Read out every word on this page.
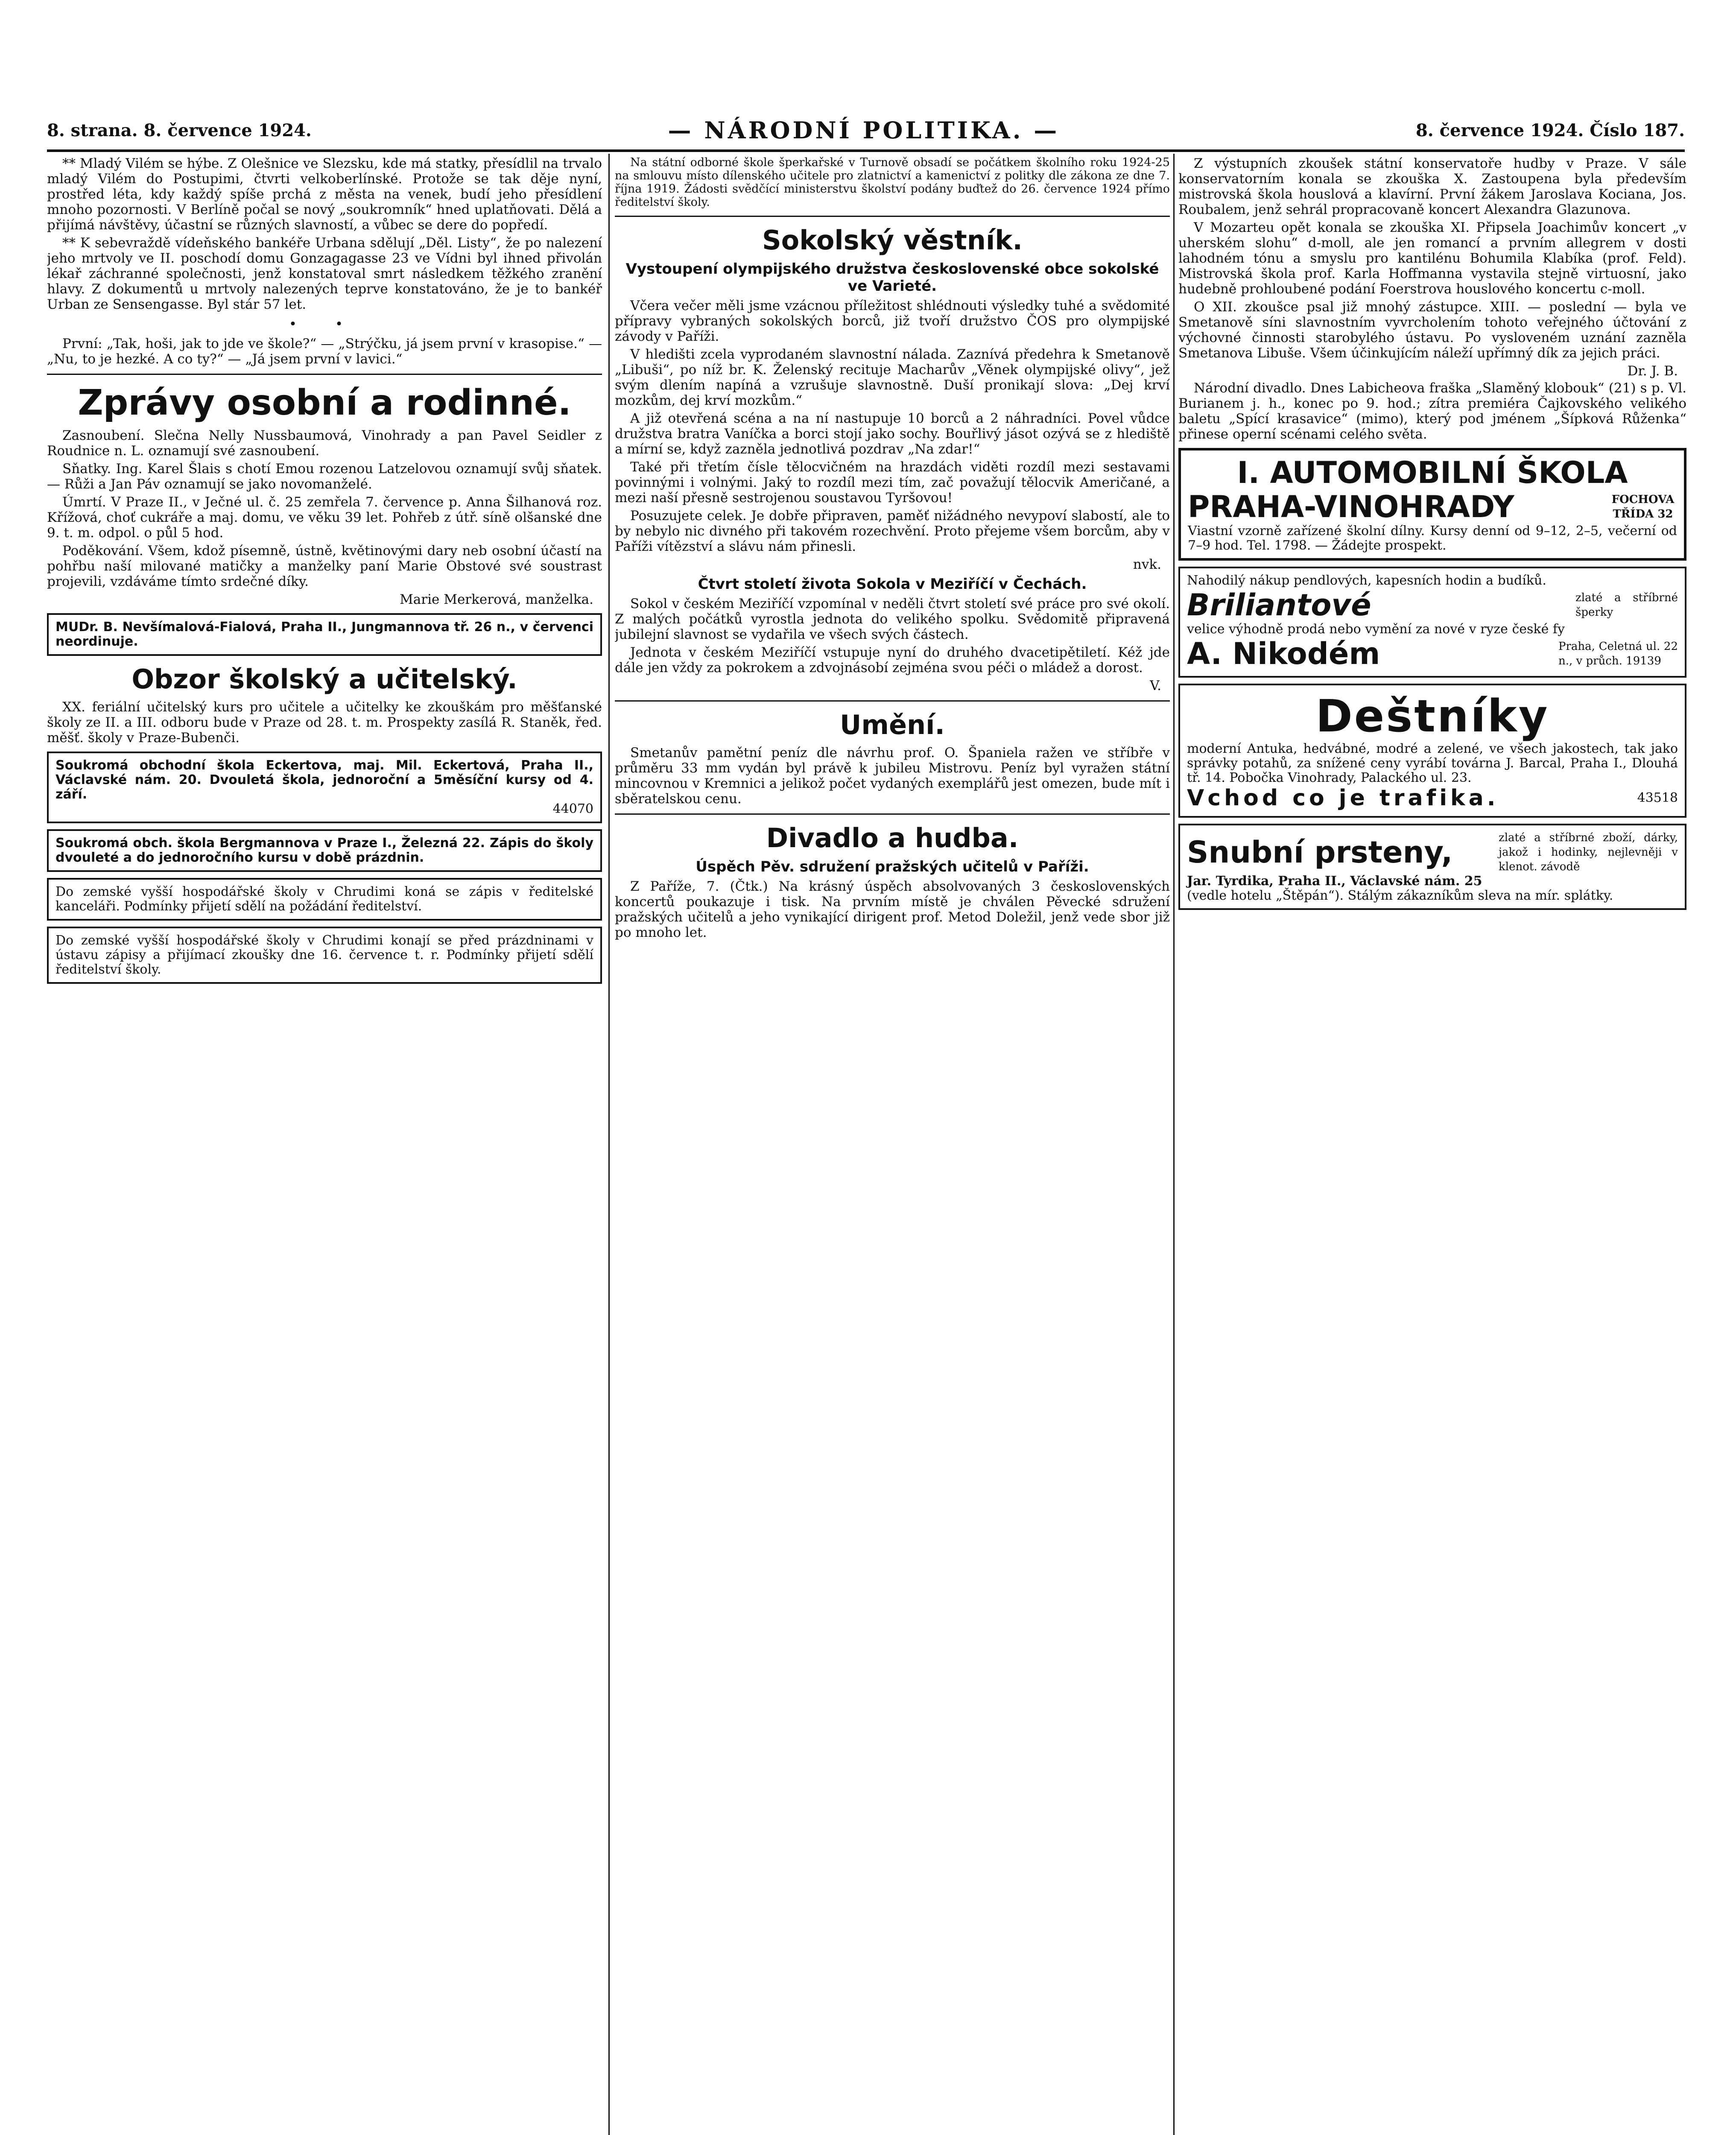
8. strana. 8. července 1924.	— NÁRODNÍ POLITIKA. —	8. července 1924. Číslo 187.

** Mladý Vilém se hýbe. Z Olešnice ve Slezsku, kde má statky, přesídlil na trvalo mladý Vilém do Postupimi, čtvrti velkoberlínské. Protože se tak děje nyní, prostřed léta, kdy každý spíše prchá z města na venek, budí jeho přesídlení mnoho pozornosti. V Berlíně počal se nový „soukromník“ hned uplatňovati. Dělá a přijímá návštěvy, účastní se různých slavností, a vůbec se dere do popředí.

** K sebevraždě vídeňského bankéře Urbana sdělují „Děl. Listy“, že po nalezení jeho mrtvoly ve II. poschodí domu Gonzagagasse 23 ve Vídni byl ihned přivolán lékař záchranné společnosti, jenž konstatoval smrt následkem těžkého zranění hlavy. Z dokumentů u mrtvoly nalezených teprve konstatováno, že je to bankéř Urban ze Sensengasse. Byl stár 57 let.

• •

První: „Tak, hoši, jak to jde ve škole?“ — „Strýčku, já jsem první v krasopise.“ — „Nu, to je hezké. A co ty?“ — „Já jsem první v lavici.“

Zprávy osobní a rodinné.

Zasnoubení. Slečna Nelly Nussbaumová, Vinohrady a pan Pavel Seidler z Roudnice n. L. oznamují své zasnoubení.

Sňatky. Ing. Karel Šlais s chotí Emou rozenou Latzelovou oznamují svůj sňatek. — Růži a Jan Páv oznamují se jako novomanželé.

Úmrtí. V Praze II., v Ječné ul. č. 25 zemřela 7. července p. Anna Šilhanová roz. Křížová, choť cukráře a maj. domu, ve věku 39 let. Pohřeb z útř. síně olšanské dne 9. t. m. odpol. o půl 5 hod.

Poděkování. Všem, kdož písemně, ústně, květinovými dary neb osobní účastí na pohřbu naší milované matičky a manželky paní Marie Obstové své soustrast projevili, vzdáváme tímto srdečné díky.

Marie Merkerová, manželka.
MUDr. B. Nevšímalová-Fialová, Praha II., Jungmannova tř. 26 n., v červenci neordinuje.
Obzor školský a učitelský.

XX. feriální učitelský kurs pro učitele a učitelky ke zkouškám pro měšťanské školy ze II. a III. odboru bude v Praze od 28. t. m. Prospekty zasílá R. Staněk, řed. měšť. školy v Praze-Bubenči.

Soukromá obchodní škola Eckertova, maj. Mil. Eckertová, Praha II., Václavské nám. 20. Dvouletá škola, jednoroční a 5měsíční kursy od 4. září.
44070
Soukromá obch. škola Bergmannova v Praze I., Železná 22. Zápis do školy dvouleté a do jednoročního kursu v době prázdnin.
Do zemské vyšší hospodářské školy v Chrudimi koná se zápis v ředitelské kanceláři. Podmínky přijetí sdělí na požádání ředitelství.
Do zemské vyšší hospodářské školy v Chrudimi konají se před prázdninami v ústavu zápisy a přijímací zkoušky dne 16. července t. r. Podmínky přijetí sdělí ředitelství školy.

Na státní odborné škole šperkařské v Turnově obsadí se počátkem školního roku 1924-25 na smlouvu místo dílenského učitele pro zlatnictví a kamenictví z politky dle zákona ze dne 7. října 1919. Žádosti svědčící ministerstvu školství podány buďtež do 26. července 1924 přímo ředitelství školy.

Sokolský věstník.
Vystoupení olympijského družstva československé obce sokolské ve Varieté.

Včera večer měli jsme vzácnou příležitost shlédnouti výsledky tuhé a svědomité přípravy vybraných sokolských borců, již tvoří družstvo ČOS pro olympijské závody v Paříži.

V hledišti zcela vyprodaném slavnostní nálada. Zaznívá předehra k Smetanově „Libuši“, po níž br. K. Želenský recituje Macharův „Věnek olympijské olivy“, jež svým dlením napíná a vzrušuje slavnostně. Duší pronikají slova: „Dej krví mozkům, dej krví mozkům.“

A již otevřená scéna a na ní nastupuje 10 borců a 2 náhradníci. Povel vůdce družstva bratra Vaníčka a borci stojí jako sochy. Bouřlivý jásot ozývá se z hlediště a mírní se, když zazněla jednotlivá pozdrav „Na zdar!“

Také při třetím čísle tělocvičném na hrazdách viděti rozdíl mezi sestavami povinnými i volnými. Jaký to rozdíl mezi tím, zač považují tělocvik Američané, a mezi naší přesně sestrojenou soustavou Tyršovou!

Posuzujete celek. Je dobře připraven, paměť nižádného nevypoví slabostí, ale to by nebylo nic divného při takovém rozechvění. Proto přejeme všem borcům, aby v Paříži vítězství a slávu nám přinesli.

nvk.
Čtvrt století života Sokola v Meziříčí v Čechách.

Sokol v českém Meziříčí vzpomínal v neděli čtvrt století své práce pro své okolí. Z malých počátků vyrostla jednota do velikého spolku. Svědomitě připravená jubilejní slavnost se vydařila ve všech svých částech.

Jednota v českém Meziříčí vstupuje nyní do druhého dvacetipětiletí. Kéž jde dále jen vždy za pokrokem a zdvojnásobí zejména svou péči o mládež a dorost.

V.
Umění.

Smetanův pamětní peníz dle návrhu prof. O. Španiela ražen ve stříbře v průměru 33 mm vydán byl právě k jubileu Mistrovu. Peníz byl vyražen státní mincovnou v Kremnici a jelikož počet vydaných exemplářů jest omezen, bude mít i sběratelskou cenu.

Divadlo a hudba.
Úspěch Pěv. sdružení pražských učitelů v Paříži.

Z Paříže, 7. (Čtk.) Na krásný úspěch absolvovaných 3 československých koncertů poukazuje i tisk. Na prvním místě je chválen Pěvecké sdružení pražských učitelů a jeho vynikající dirigent prof. Metod Doležil, jenž vede sbor již po mnoho let.

Z výstupních zkoušek státní konservatoře hudby v Praze. V sále konservatorním konala se zkouška X. Zastoupena byla především mistrovská škola houslová a klavírní. První žákem Jaroslava Kociana, Jos. Roubalem, jenž sehrál propracovaně koncert Alexandra Glazunova.

V Mozarteu opět konala se zkouška XI. Připsela Joachimův koncert „v uherském slohu“ d-moll, ale jen romancí a prvním allegrem v dosti lahodném tónu a smyslu pro kantilénu Bohumila Klabíka (prof. Feld). Mistrovská škola prof. Karla Hoffmanna vystavila stejně virtuosní, jako hudebně prohloubené podání Foerstrova houslového koncertu c-moll.

O XII. zkoušce psal již mnohý zástupce. XIII. — poslední — byla ve Smetanově síni slavnostním vyvrcholením tohoto veřejného účtování z výchovné činnosti starobylého ústavu. Po vysloveném uznání zazněla Smetanova Libuše. Všem účinkujícím náleží upřímný dík za jejich práci.

Dr. J. B.

Národní divadlo. Dnes Labicheova fraška „Slaměný klobouk“ (21) s p. Vl. Burianem j. h., konec po 9. hod.; zítra premiéra Čajkovského velikého baletu „Spící krasavice“ (mimo), který pod jménem „Šípková Růženka“ přinese operní scénami celého světa.

I. AUTOMOBILNÍ ŠKOLA
PRAHA-VINOHRADY	FOCHOVA TŘÍDA 32
Viastní vzorně zařízené školní dílny. Kursy denní od 9–12, 2–5, večerní od 7–9 hod. Tel. 1798. — Žádejte prospekt.
Nahodilý nákup pendlových, kapesních hodin a budíků.
Briliantové	zlaté a stříbrné šperky
velice výhodně prodá nebo vymění za nové v ryze české fy
A. Nikodém	Praha, Celetná ul. 22 n., v průch. 19139
Deštníky
moderní Antuka, hedvábné, modré a zelené, ve všech jakostech, tak jako správky potahů, za snížené ceny vyrábí továrna J. Barcal, Praha I., Dlouhá tř. 14. Pobočka Vinohrady, Palackého ul. 23.
Vchod co je trafika.	43518
Snubní prsteny,	zlaté a stříbrné zboží, dárky, jakož i hodinky, nejlevněji v klenot. závodě
Jar. Tyrdika, Praha II., Václavské nám. 25
(vedle hotelu „Štěpán“). Stálým zákazníkům sleva na mír. splátky.
